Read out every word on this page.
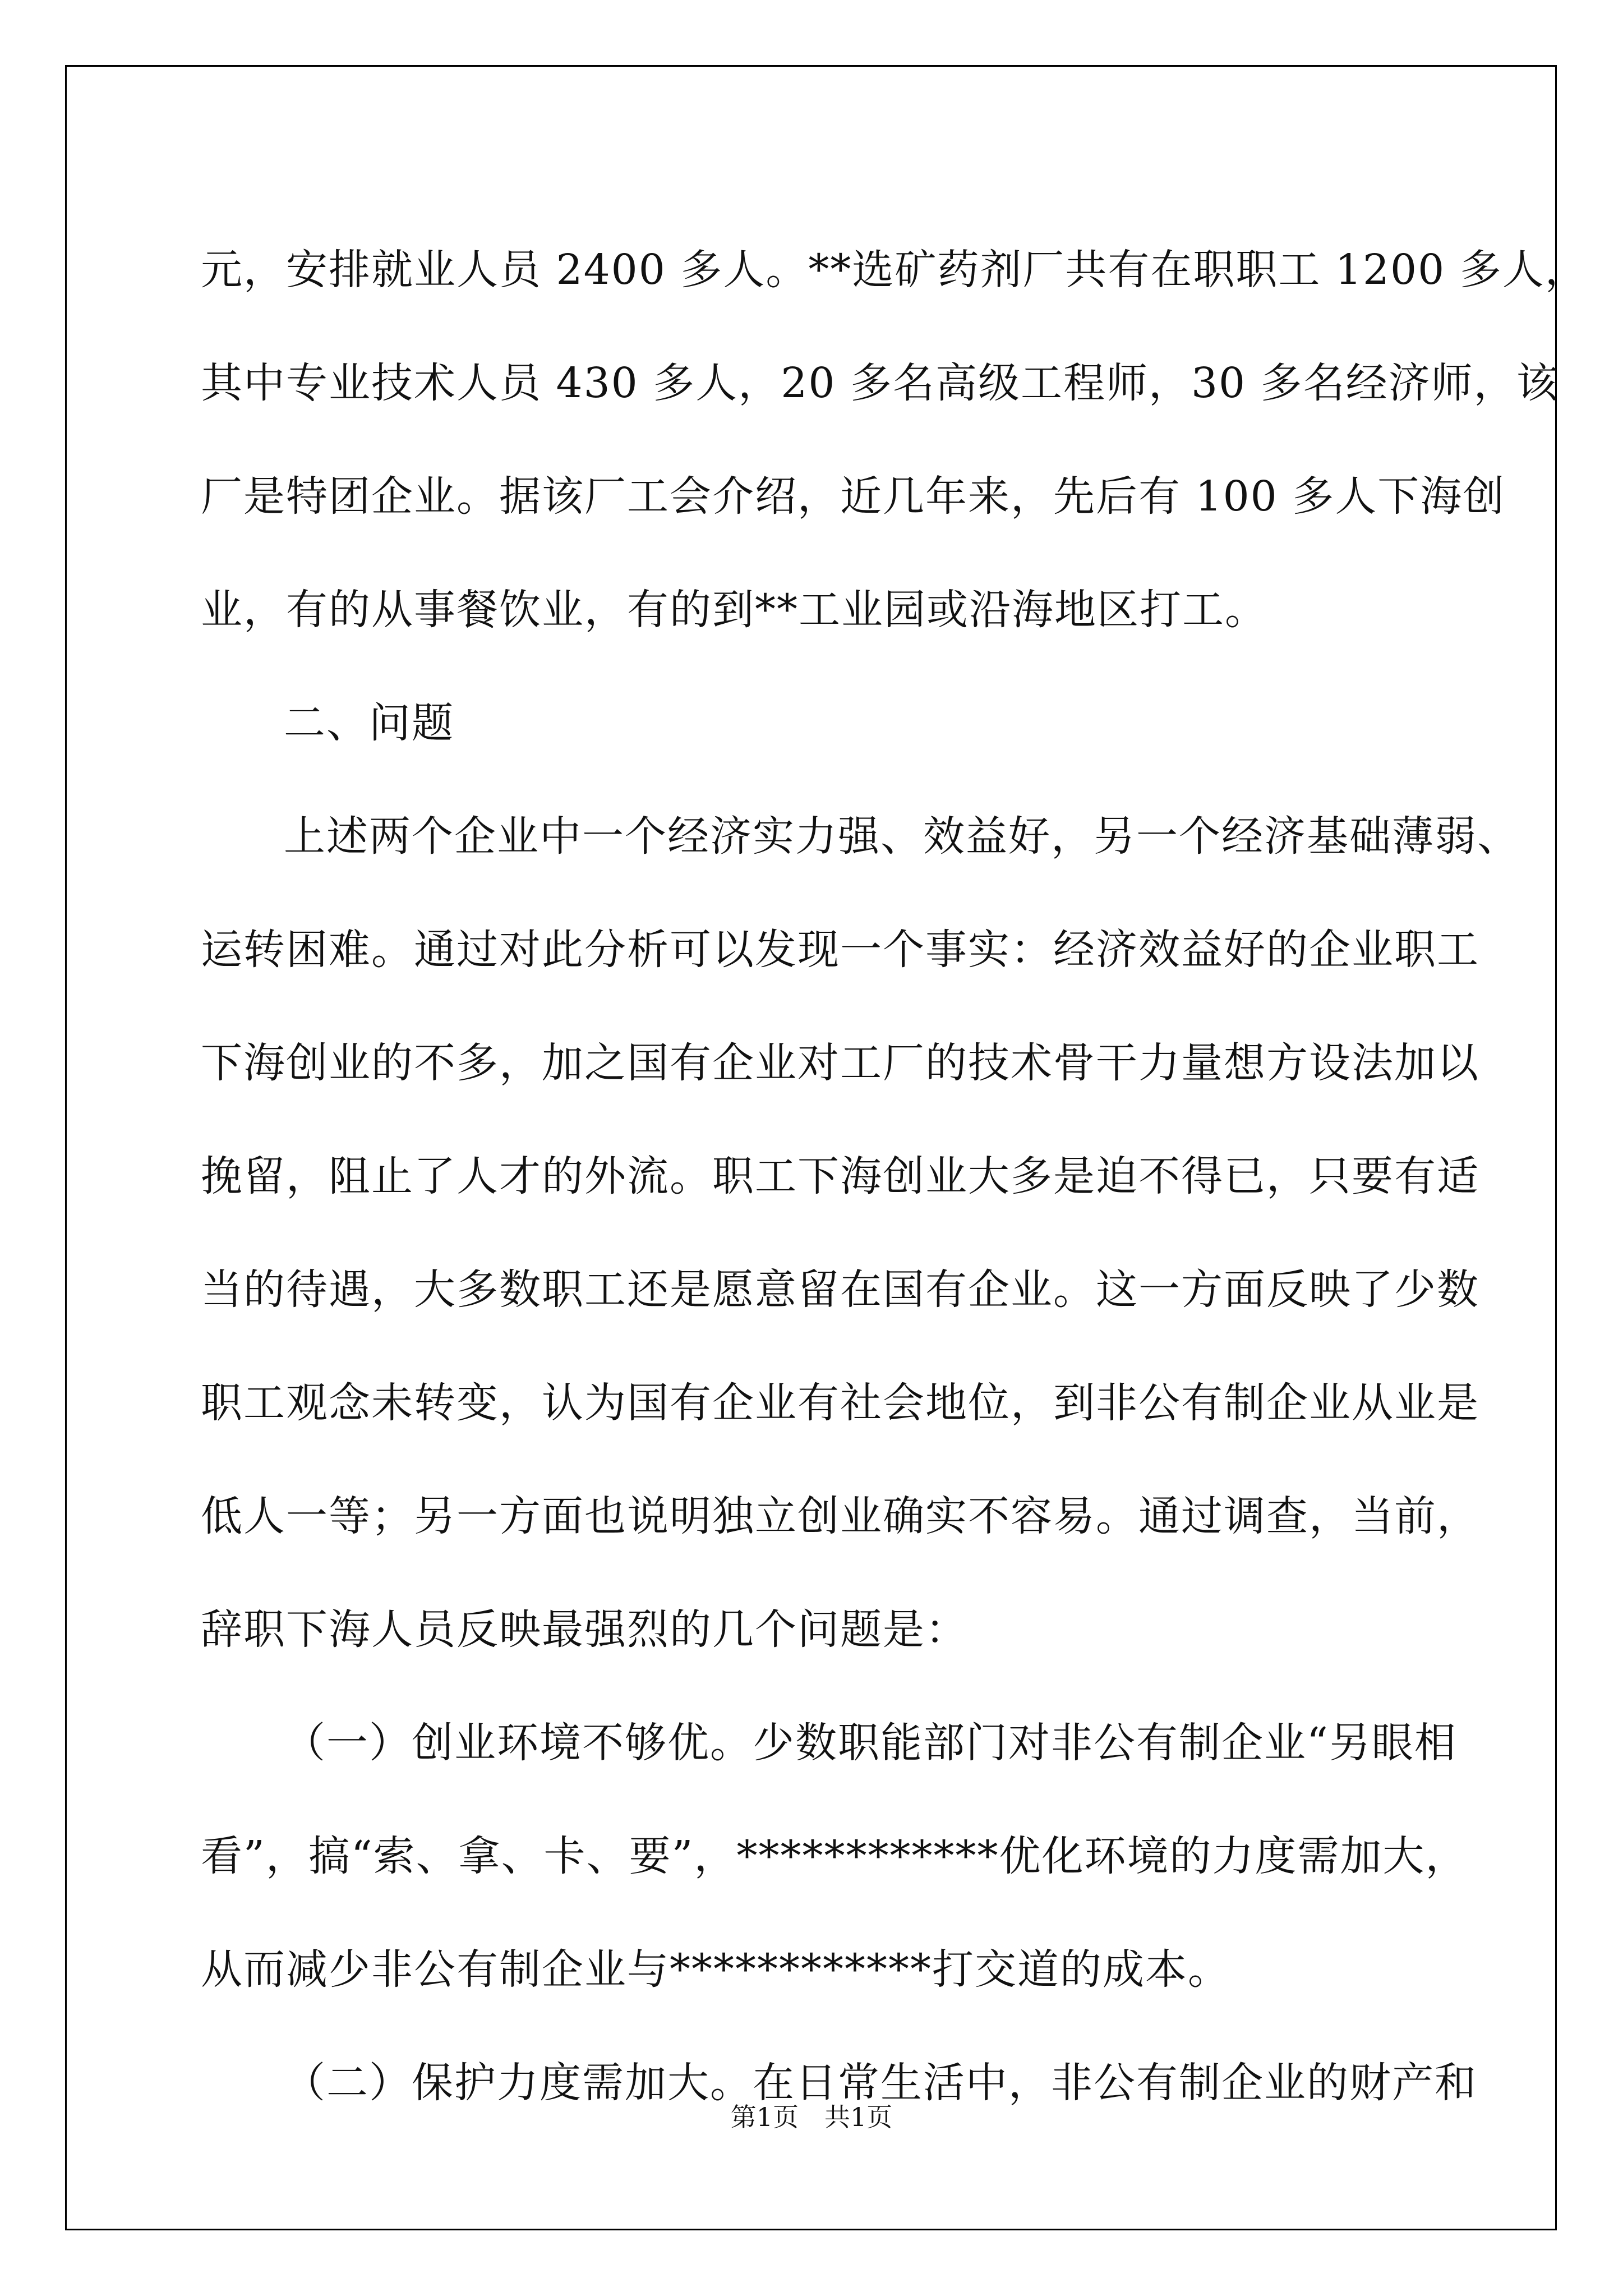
元，安排就业人员 2400 多人。**选矿药剂厂共有在职职工 1200 多人，
其中专业技术人员 430 多人，20 多名高级工程师，30 多名经济师，该
厂是特团企业。据该厂工会介绍，近几年来，先后有 100 多人下海创
业，有的从事餐饮业，有的到**工业园或沿海地区打工。
二、问题
上述两个企业中一个经济实力强、效益好，另一个经济基础薄弱、
运转困难。通过对此分析可以发现一个事实：经济效益好的企业职工
下海创业的不多，加之国有企业对工厂的技术骨干力量想方设法加以
挽留，阻止了人才的外流。职工下海创业大多是迫不得已，只要有适
当的待遇，大多数职工还是愿意留在国有企业。这一方面反映了少数
职工观念未转变，认为国有企业有社会地位，到非公有制企业从业是
低人一等；另一方面也说明独立创业确实不容易。通过调查，当前，
辞职下海人员反映最强烈的几个问题是：
（一）创业环境不够优。少数职能部门对非公有制企业“另眼相
看”，搞“索、拿、卡、要”，************优化环境的力度需加大，
从而减少非公有制企业与************打交道的成本。
（二）保护力度需加大。在日常生活中，非公有制企业的财产和
第1页　共1页
